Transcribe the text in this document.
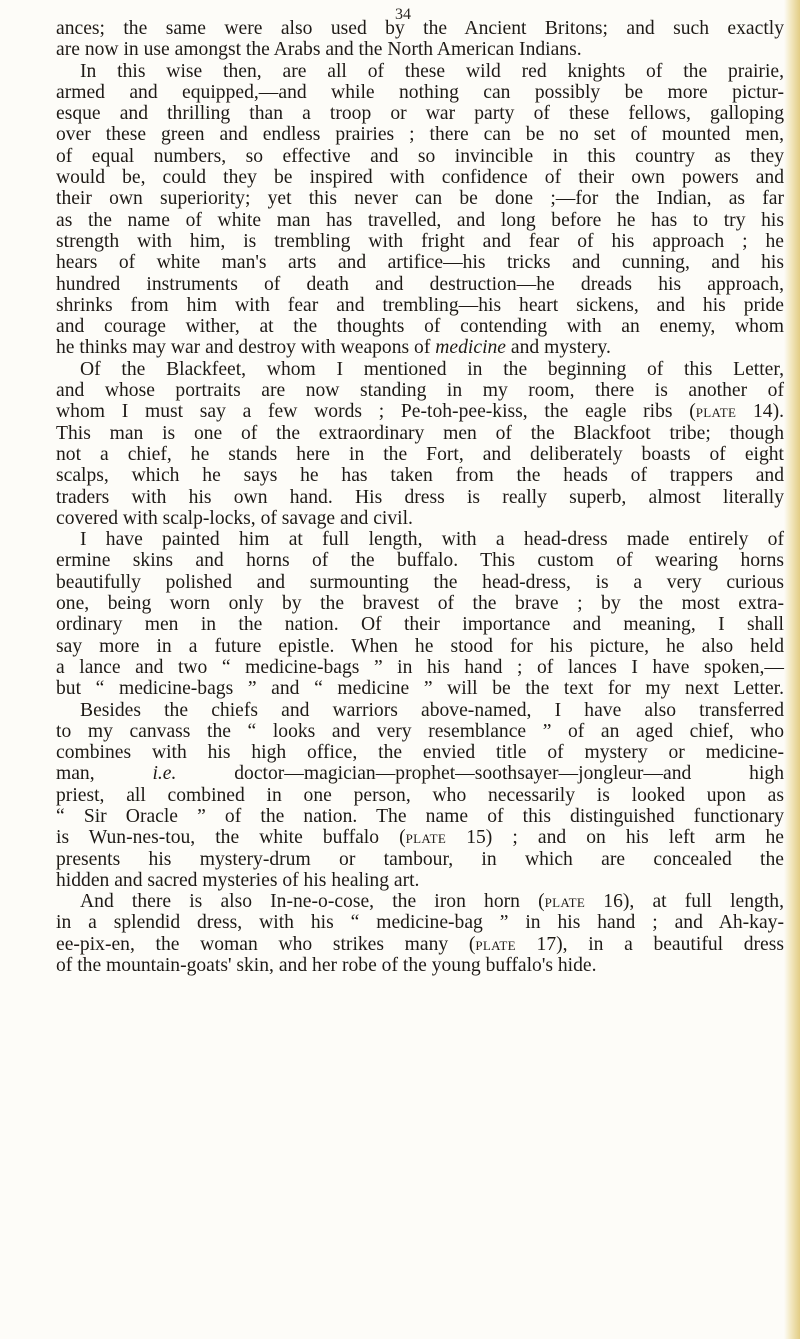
34
ances; the same were also used by the Ancient Britons; and such exactly
are now in use amongst the Arabs and the North American Indians.
In this wise then, are all of these wild red knights of the prairie,
armed and equipped,—and while nothing can possibly be more pictur-
esque and thrilling than a troop or war party of these fellows, galloping
over these green and endless prairies ; there can be no set of mounted men,
of equal numbers, so effective and so invincible in this country as they
would be, could they be inspired with confidence of their own powers and
their own superiority; yet this never can be done ;—for the Indian, as far
as the name of white man has travelled, and long before he has to try his
strength with him, is trembling with fright and fear of his approach ; he
hears of white man's arts and artifice—his tricks and cunning, and his
hundred instruments of death and destruction—he dreads his approach,
shrinks from him with fear and trembling—his heart sickens, and his pride
and courage wither, at the thoughts of contending with an enemy, whom
he thinks may war and destroy with weapons of medicine and mystery.
Of the Blackfeet, whom I mentioned in the beginning of this Letter,
and whose portraits are now standing in my room, there is another of
whom I must say a few words ; Pe-toh-pee-kiss, the eagle ribs (plate 14).
This man is one of the extraordinary men of the Blackfoot tribe; though
not a chief, he stands here in the Fort, and deliberately boasts of eight
scalps, which he says he has taken from the heads of trappers and
traders with his own hand. His dress is really superb, almost literally
covered with scalp-locks, of savage and civil.
I have painted him at full length, with a head-dress made entirely of
ermine skins and horns of the buffalo. This custom of wearing horns
beautifully polished and surmounting the head-dress, is a very curious
one, being worn only by the bravest of the brave ; by the most extra-
ordinary men in the nation. Of their importance and meaning, I shall
say more in a future epistle. When he stood for his picture, he also held
a lance and two “ medicine-bags ” in his hand ; of lances I have spoken,—
but “ medicine-bags ” and “ medicine ” will be the text for my next Letter.
Besides the chiefs and warriors above-named, I have also transferred
to my canvass the “ looks and very resemblance ” of an aged chief, who
combines with his high office, the envied title of mystery or medicine-
man, i.e. doctor—magician—prophet—soothsayer—jongleur—and high
priest, all combined in one person, who necessarily is looked upon as
“ Sir Oracle ” of the nation. The name of this distinguished functionary
is Wun-nes-tou, the white buffalo (plate 15) ; and on his left arm he
presents his mystery-drum or tambour, in which are concealed the
hidden and sacred mysteries of his healing art.
And there is also In-ne-o-cose, the iron horn (plate 16), at full length,
in a splendid dress, with his “ medicine-bag ” in his hand ; and Ah-kay-
ee-pix-en, the woman who strikes many (plate 17), in a beautiful dress
of the mountain-goats' skin, and her robe of the young buffalo's hide.
